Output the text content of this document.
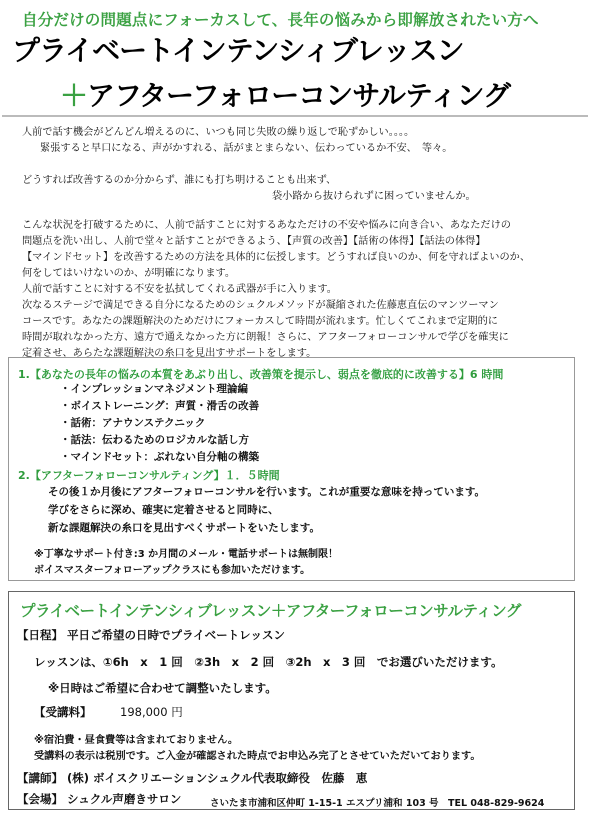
自分だけの問題点にフォーカスして、長年の悩みから即解放されたい方へ
プライベートインテンシィブレッスン
＋アフターフォローコンサルティング
人前で話す機会がどんどん増えるのに、いつも同じ失敗の繰り返しで恥ずかしい。。。。
緊張すると早口になる、声がかすれる、話がまとまらない、伝わっているか不安、　等々。
どうすれば改善するのか分からず、誰にも打ち明けることも出来ず、
袋小路から抜けられずに困っていませんか。
こんな状況を打破するために、人前で話すことに対するあなただけの不安や悩みに向き合い、あなただけの
問題点を洗い出し、人前で堂々と話すことができるよう、【声質の改善】【話術の体得】【話法の体得】
【マインドセット】を改善するための方法を具体的に伝授します。どうすれば良いのか、何を守ればよいのか、
何をしてはいけないのか、が明確になります。
人前で話すことに対する不安を払拭してくれる武器が手に入ります。
次なるステージで満足できる自分になるためのシュクルメソッドが凝縮された佐藤恵直伝のマンツーマン
コースです。あなたの課題解決のためだけにフォーカスして時間が流れます。忙しくてこれまで定期的に
時間が取れなかった方、遠方で通えなかった方に朗報！さらに、アフターフォローコンサルで学びを確実に
定着させ、あらたな課題解決の糸口を見出すサポートをします。
1.【あなたの長年の悩みの本質をあぶり出し、改善策を提示し、弱点を徹底的に改善する】6 時間
・インプレッションマネジメント理論編
・ボイストレーニング：声質・滑舌の改善
・話術：アナウンステクニック
・話法：伝わるためのロジカルな話し方
・マインドセット：ぶれない自分軸の構築
2.【アフターフォローコンサルティング】１．５時間
その後１か月後にアフターフォローコンサルを行います。これが重要な意味を持っています。
学びをさらに深め、確実に定着させると同時に、
新な課題解決の糸口を見出すべくサポートをいたします。
※丁寧なサポート付き:3 か月間のメール・電話サポートは無制限！
ボイスマスターフォローアップクラスにも参加いただけます。
プライベートインテンシィブレッスン＋アフターフォローコンサルティング
【日程】 平日ご希望の日時でプライベートレッスン
レッスンは、①6h　x　1 回　②3h　x　2 回　③2h　x　3 回　でお選びいただけます。
※日時はご希望に合わせて調整いたします。
【受講料】 198,000 円
※宿泊費・昼食費等は含まれておりません。
受講料の表示は税別です。ご入金が確認された時点でお申込み完了とさせていただいております。
【講師】 (株) ボイスクリエーションシュクル代表取締役　佐藤　恵
【会場】 シュクル声磨きサロン	さいたま市浦和区仲町 1-15-1 エスプリ浦和 103 号　TEL 048-829-9624
